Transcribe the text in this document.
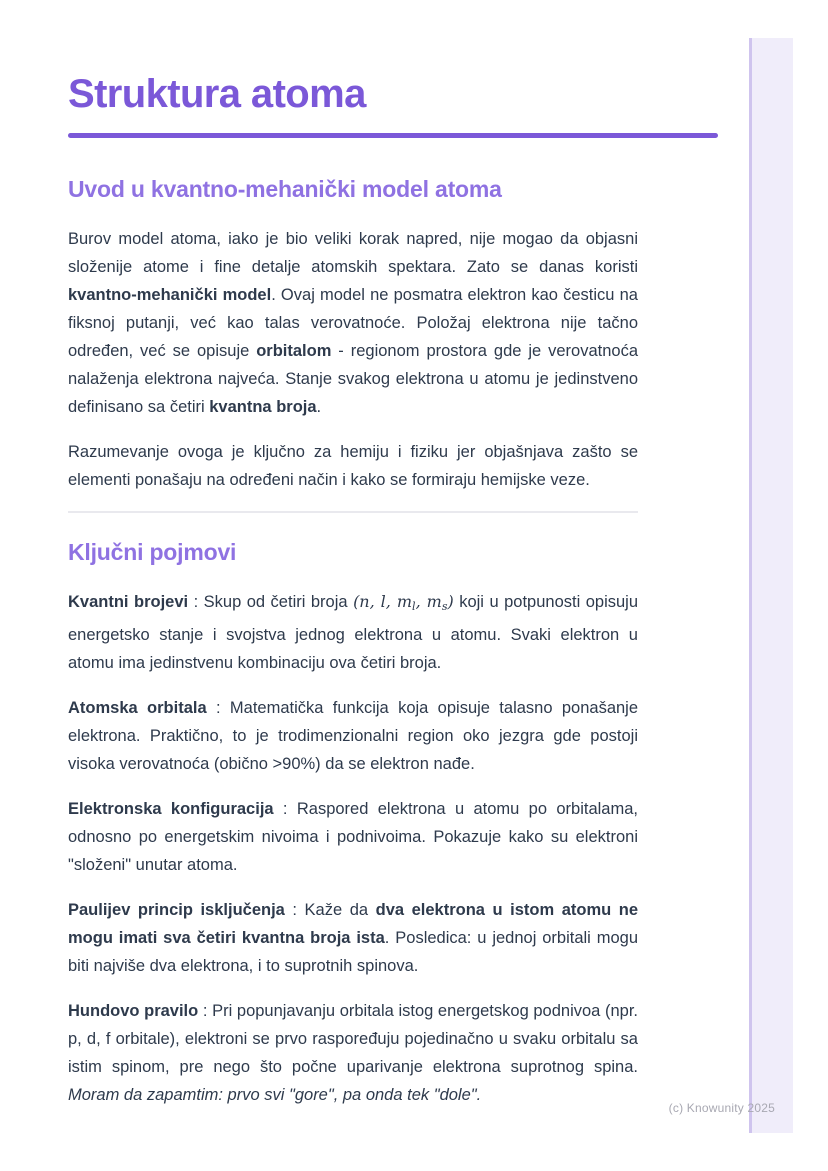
Struktura atoma
Uvod u kvantno-mehanički model atoma

Burov model atoma, iako je bio veliki korak napred, nije mogao da objasni složenije atome i fine detalje atomskih spektara. Zato se danas koristi kvantno-mehanički model. Ovaj model ne posmatra elektron kao česticu na fiksnoj putanji, već kao talas verovatnoće. Položaj elektrona nije tačno određen, već se opisuje orbitalom - regionom prostora gde je verovatnoća nalaženja elektrona najveća. Stanje svakog elektrona u atomu je jedinstveno definisano sa četiri kvantna broja.

Razumevanje ovoga je ključno za hemiju i fiziku jer objašnjava zašto se elementi ponašaju na određeni način i kako se formiraju hemijske veze.

Ključni pojmovi

Kvantni brojevi : Skup od četiri broja (n, l, ml, ms) koji u potpunosti opisuju energetsko stanje i svojstva jednog elektrona u atomu. Svaki elektron u atomu ima jedinstvenu kombinaciju ova četiri broja.

Atomska orbitala : Matematička funkcija koja opisuje talasno ponašanje elektrona. Praktično, to je trodimenzionalni region oko jezgra gde postoji visoka verovatnoća (obično >90%) da se elektron nađe.

Elektronska konfiguracija : Raspored elektrona u atomu po orbitalama, odnosno po energetskim nivoima i podnivoima. Pokazuje kako su elektroni "složeni" unutar atoma.

Paulijev princip isključenja : Kaže da dva elektrona u istom atomu ne mogu imati sva četiri kvantna broja ista. Posledica: u jednoj orbitali mogu biti najviše dva elektrona, i to suprotnih spinova.

Hundovo pravilo : Pri popunjavanju orbitala istog energetskog podnivoa (npr. p, d, f orbitale), elektroni se prvo raspoređuju pojedinačno u svaku orbitalu sa istim spinom, pre nego što počne uparivanje elektrona suprotnog spina. Moram da zapamtim: prvo svi "gore", pa onda tek "dole".

(c) Knowunity 2025
